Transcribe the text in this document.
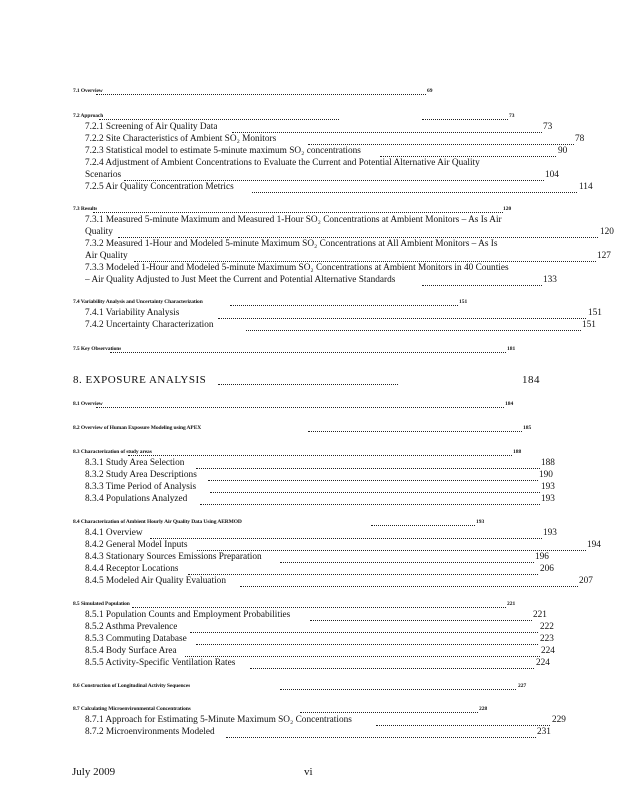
7.1 Overview	69
7.2 Approach	73
7.2.1 Screening of Air Quality Data	73
7.2.2 Site Characteristics of Ambient SO₂ Monitors	78
7.2.3 Statistical model to estimate 5-minute maximum SO₂ concentrations	90
7.2.4 Adjustment of Ambient Concentrations to Evaluate the Current and Potential Alternative Air Quality
Scenarios	104
7.2.5 Air Quality Concentration Metrics	114
7.3 Results	120
7.3.1 Measured 5-minute Maximum and Measured 1-Hour SO₂ Concentrations at Ambient Monitors – As Is Air
Quality	120
7.3.2 Measured 1-Hour and Modeled 5-minute Maximum SO₂ Concentrations at All Ambient Monitors – As Is
Air Quality	127
7.3.3 Modeled 1-Hour and Modeled 5-minute Maximum SO₂ Concentrations at Ambient Monitors in 40 Counties
– Air Quality Adjusted to Just Meet the Current and Potential Alternative Standards	133
7.4 Variability Analysis and Uncertainty Characterization	151
7.4.1 Variability Analysis	151
7.4.2 Uncertainty Characterization	151
7.5 Key Observations	181
8. EXPOSURE ANALYSIS	184
8.1 Overview	184
8.2 Overview of Human Exposure Modeling using APEX	185
8.3 Characterization of study areas	188
8.3.1 Study Area Selection	188
8.3.2 Study Area Descriptions	190
8.3.3 Time Period of Analysis	193
8.3.4 Populations Analyzed	193
8.4 Characterization of Ambient Hourly Air Quality Data Using AERMOD	193
8.4.1 Overview	193
8.4.2 General Model Inputs	194
8.4.3 Stationary Sources Emissions Preparation	196
8.4.4 Receptor Locations	206
8.4.5 Modeled Air Quality Evaluation	207
8.5 Simulated Population	221
8.5.1 Population Counts and Employment Probabilities	221
8.5.2 Asthma Prevalence	222
8.5.3 Commuting Database	223
8.5.4 Body Surface Area	224
8.5.5 Activity-Specific Ventilation Rates	224
8.6 Construction of Longitudinal Activity Sequences	227
8.7 Calculating Microenvironmental Concentrations	228
8.7.1 Approach for Estimating 5-Minute Maximum SO₂ Concentrations	229
8.7.2 Microenvironments Modeled	231
July 2009	vi
